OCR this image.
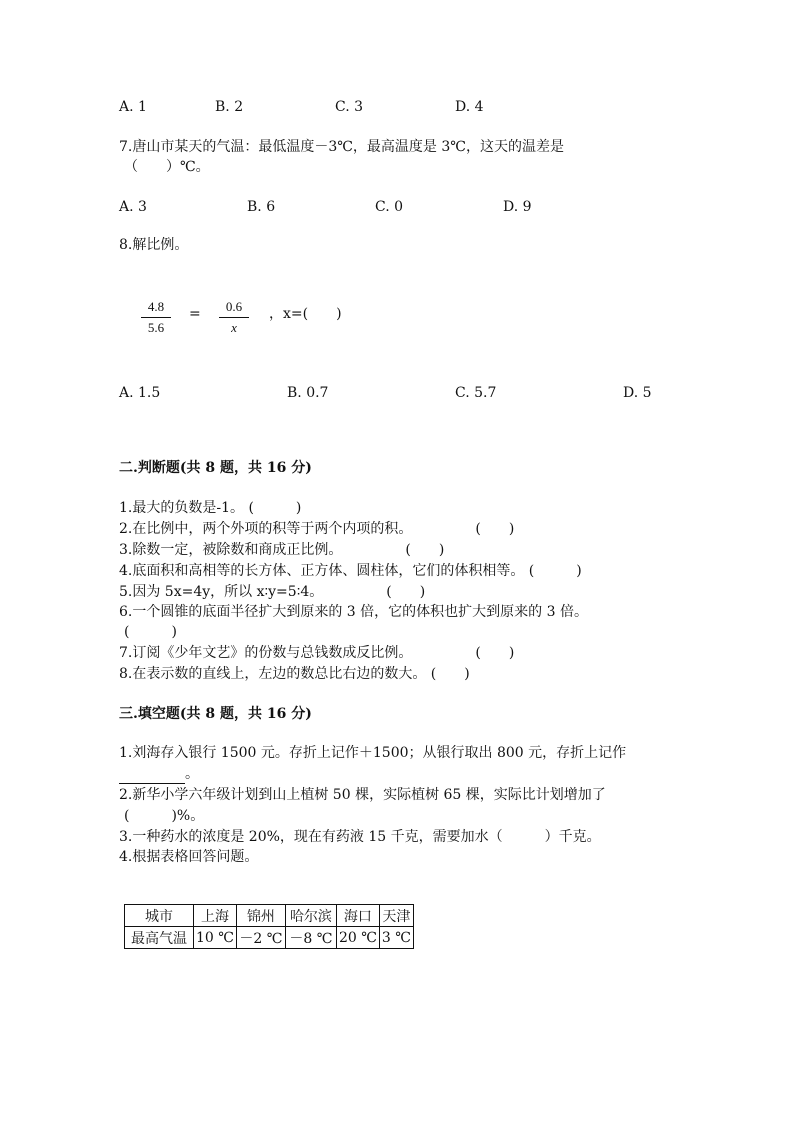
A. 1	B. 2	C. 3	D. 4
7.唐山市某天的气温：最低温度－3℃，最高温度是 3℃，这天的温差是
（　　）℃。
A. 3	B. 6	C. 0	D. 9
8.解比例。
4.8
5.6
=	0.6
x
，x=(　　)
A. 1.5	B. 0.7	C. 5.7	D. 5
二.判断题(共 8 题，共 16 分)
1.最大的负数是-1。 (　　　)
2.在比例中，两个外项的积等于两个内项的积。　　　　　(　　)
3.除数一定，被除数和商成正比例。　　　　　(　　)
4.底面积和高相等的长方体、正方体、圆柱体，它们的体积相等。 (　　　)
5.因为 5x=4y，所以 x∶y=5∶4。　　　　　(　　)
6.一个圆锥的底面半径扩大到原来的 3 倍，它的体积也扩大到原来的 3 倍。
(　　　)
7.订阅《少年文艺》的份数与总钱数成反比例。　　　　　(　　)
8.在表示数的直线上，左边的数总比右边的数大。 (　　)
三.填空题(共 8 题，共 16 分)
1.刘海存入银行 1500 元。存折上记作＋1500；从银行取出 800 元，存折上记作
。
2.新华小学六年级计划到山上植树 50 棵，实际植树 65 棵，实际比计划增加了
(　　　)%。
3.一种药水的浓度是 20%，现在有药液 15 千克，需要加水（　　　）千克。
4.根据表格回答问题。
城市	上海	锦州	哈尔滨	海口	天津
最高气温	10 ℃	－2 ℃	－8 ℃	20 ℃	3 ℃
